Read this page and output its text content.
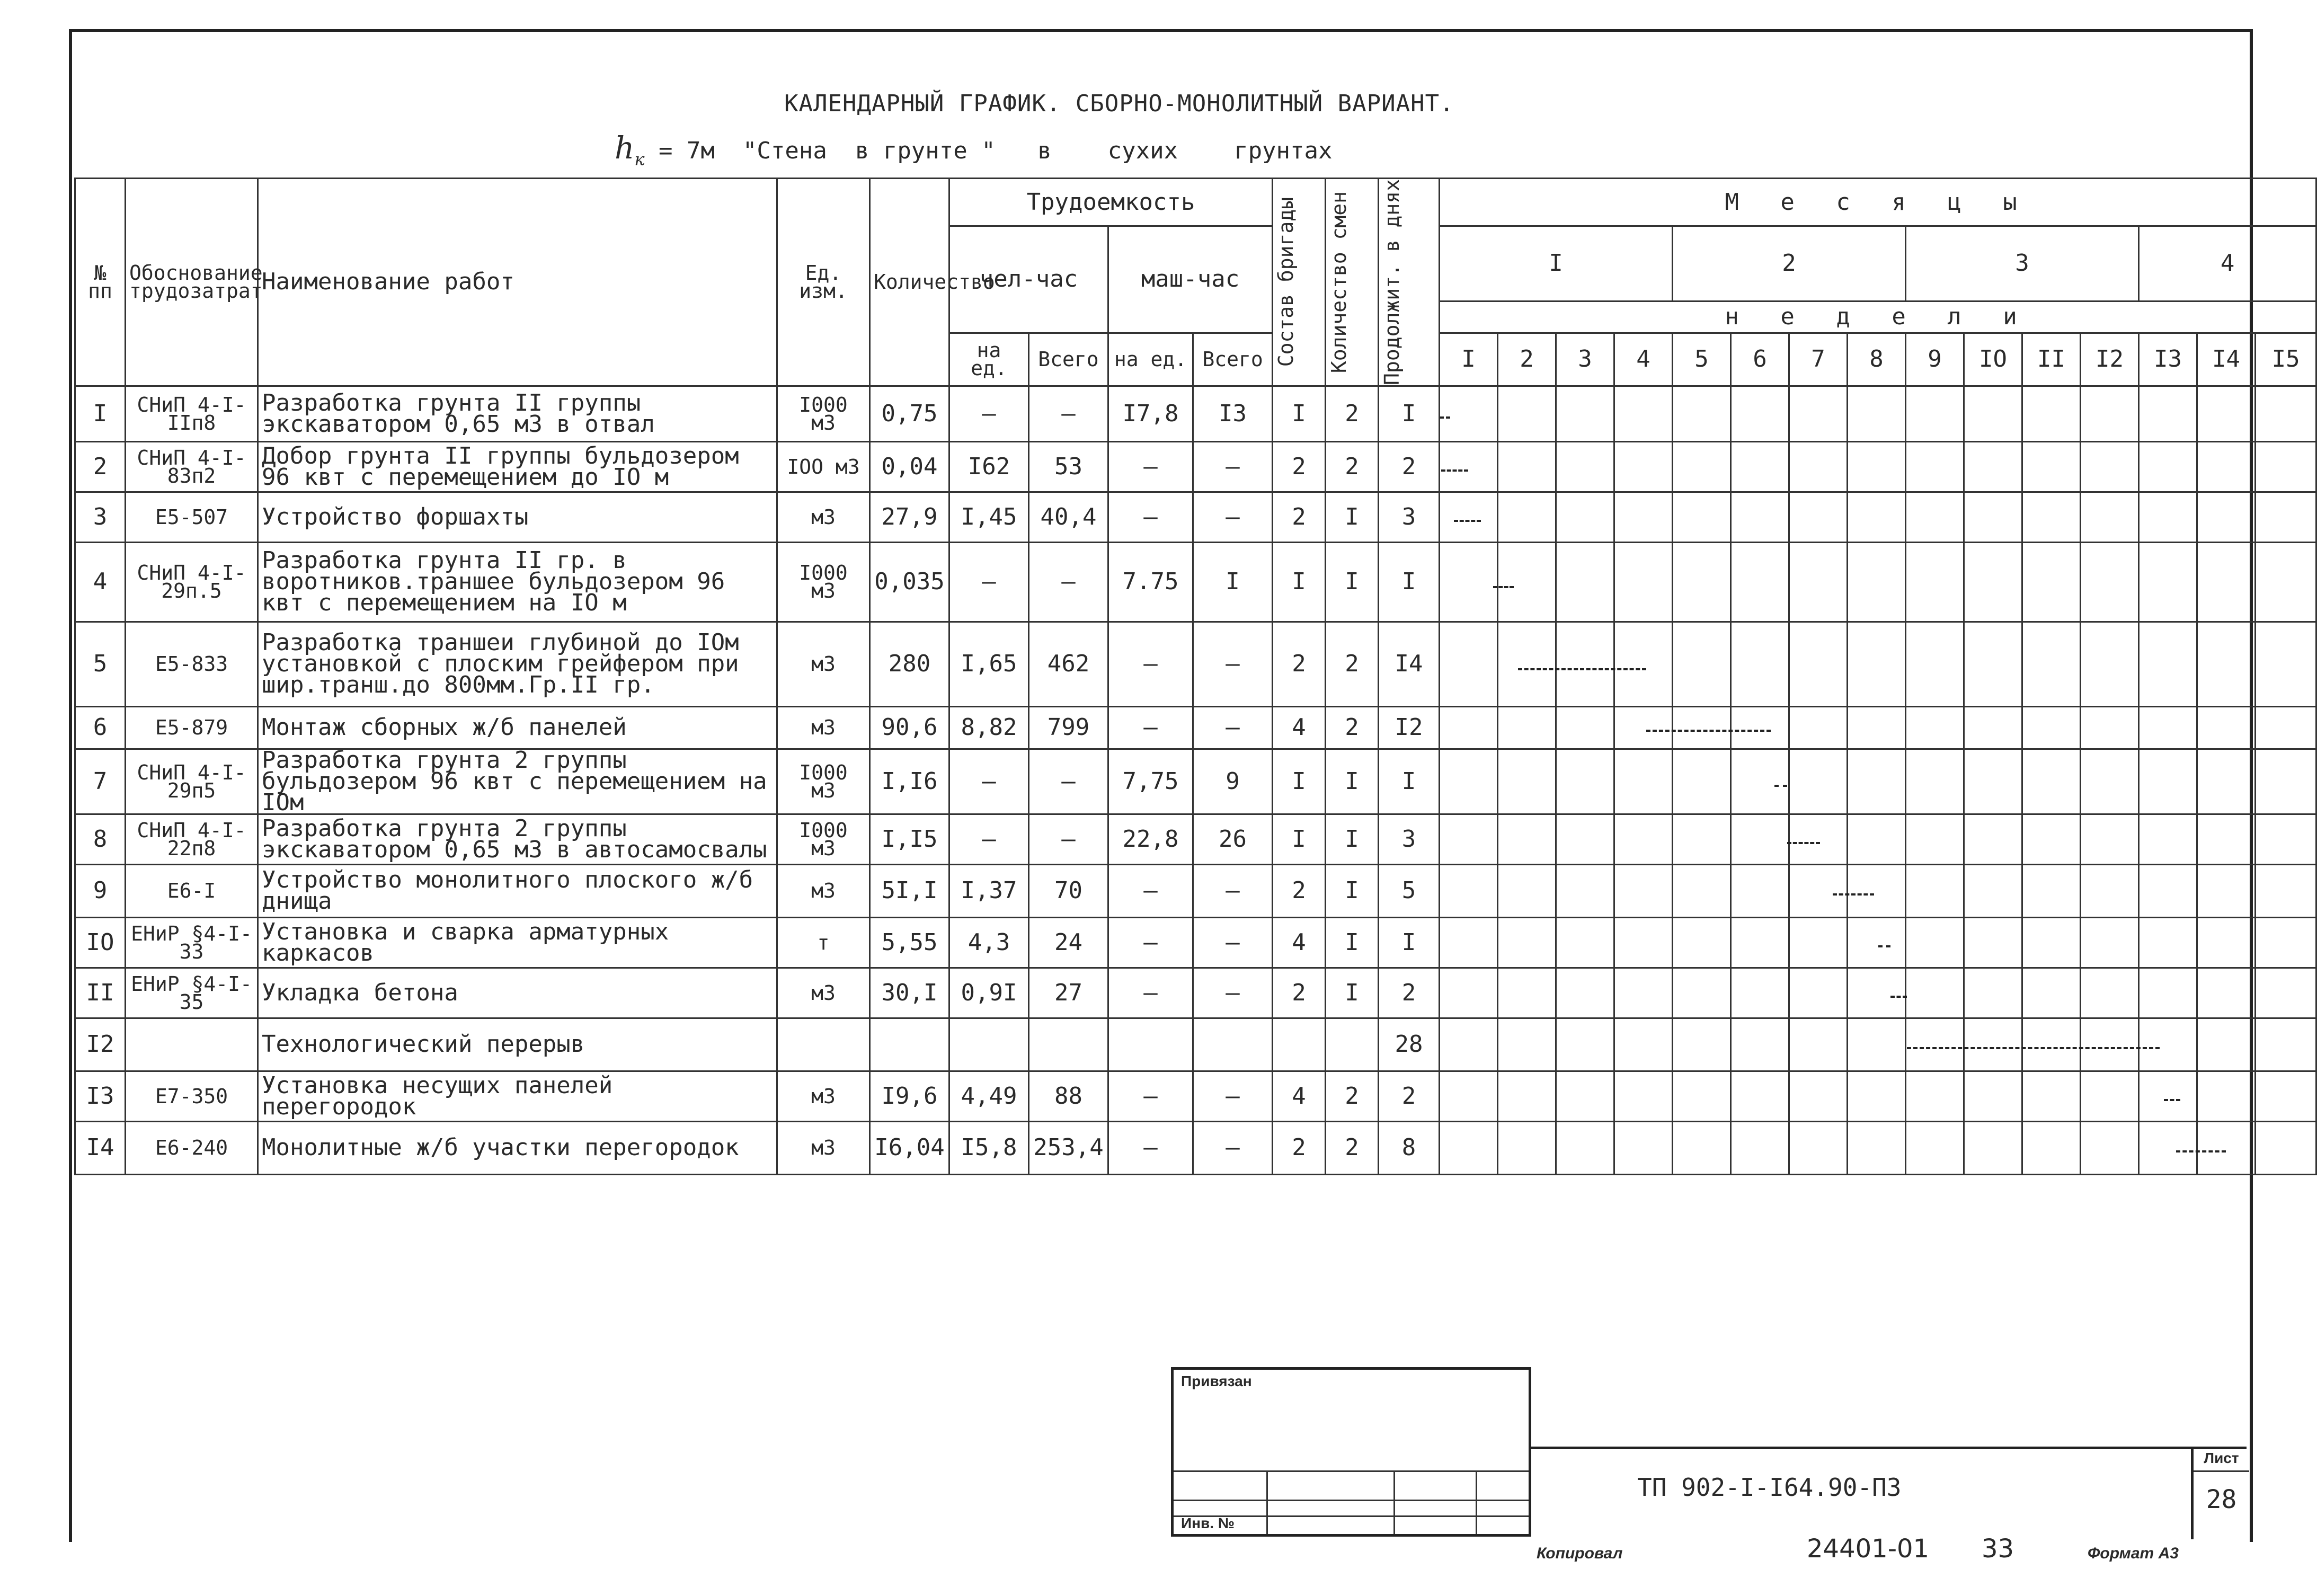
КАЛЕНДАРНЫЙ ГРАФИК. СБОРНО-МОНОЛИТНЫЙ ВАРИАНТ.
$h_к = 7м$ "Стена  в грунте "   в    сухих    грунтах
№ пп	Обоснование трудозатрат	Наименование работ	Ед. изм.	Количество	Трудоемкость				Состав бригады	Количество смен	Продолжит. в днях	М е с я ц ы														
					чел-час		маш-час					I				2				3				4		
												н е д е л и														
					на ед.	Всего	на ед.	Всего				I	2	3	4	5	6	7	8	9	IO	II	I2	I3	I4	I5
I	СНиП 4-I-IIп8	Разработка грунта II группы экскаватором 0,65 м3 в отвал	I000 м3	0,75	–	–	I7,8	I3	I	2	I															
2	СНиП 4-I-83п2	Добор грунта II группы бульдозером 96 квт с перемещением до IO м	IOO м3	0,04	I62	53	–	–	2	2	2															
3	E5-507	Устройство форшахты	м3	27,9	I,45	40,4	–	–	2	I	3															
4	СНиП 4-I-29п.5	Разработка грунта II гр. в воротников.траншее бульдозером 96 квт с перемещением на IO м	I000 м3	0,035	–	–	7.75	I	I	I	I															
5	E5-833	Разработка траншеи глубиной до IOм установкой с плоским грейфером при шир.транш.до 800мм.Гр.II гр.	м3	280	I,65	462	–	–	2	2	I4															
6	E5-879	Монтаж сборных ж/б панелей	м3	90,6	8,82	799	–	–	4	2	I2															
7	СНиП 4-I-29п5	Разработка грунта 2 группы бульдозером 96 квт с перемещением на IOм	I000 м3	I,I6	–	–	7,75	9	I	I	I															
8	СНиП 4-I-22п8	Разработка грунта 2 группы экскаватором 0,65 м3 в автосамосвалы	I000 м3	I,I5	–	–	22,8	26	I	I	3															
9	E6-I	Устройство монолитного плоского ж/б днища	м3	5I,I	I,37	70	–	–	2	I	5															
IO	ЕНиР §4-I-33	Установка и сварка арматурных каркасов	т	5,55	4,3	24	–	–	4	I	I															
II	ЕНиР §4-I-35	Укладка бетона	м3	30,I	0,9I	27	–	–	2	I	2															
I2		Технологический перерыв									28															
I3	E7-350	Установка несущих панелей перегородок	м3	I9,6	4,49	88	–	–	4	2	2															
I4	E6-240	Монолитные ж/б участки перегородок	м3	I6,04	I5,8	253,4	–	–	2	2	8															
Привязан
Инв. №
ТП 902-I-I64.90-ПЗ
Лист
28
Копировал	24401-01 33	Формат А3
